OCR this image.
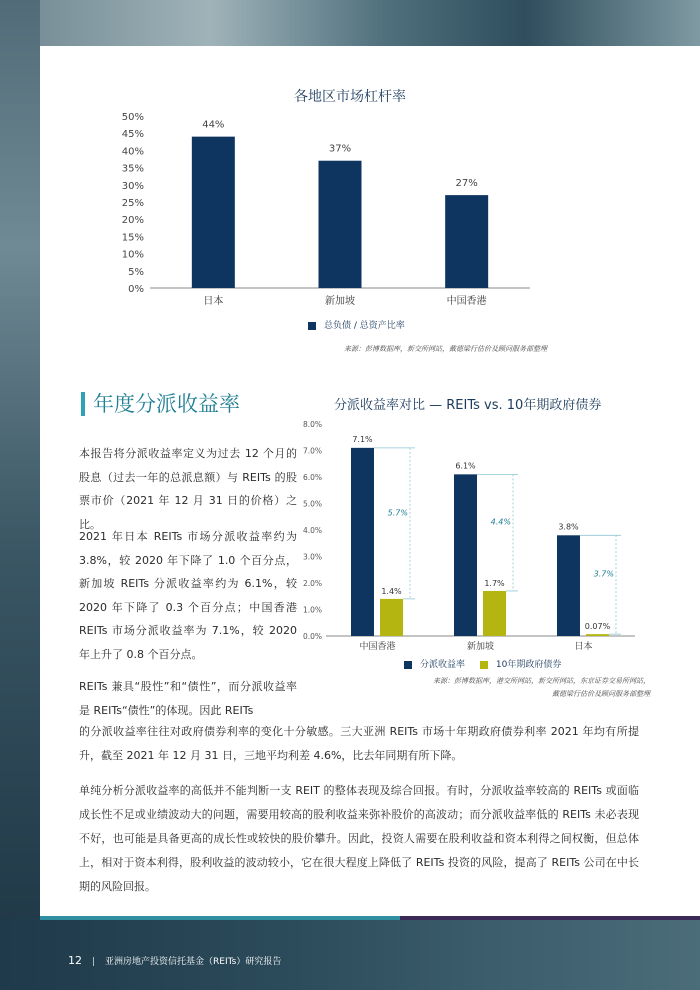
各地区市场杠杆率
0%
5%
10%
15%
20%
25%
30%
35%
40%
45%
50%
44%
日本
37%
新加坡
27%
中国香港
总负债 / 总资产比率
来源：彭博数据库，新交所网站，戴德梁行估价及顾问服务部整理
年度分派收益率
本报告将分派收益率定义为过去 12 个月的股息（过去一年的总派息额）与 REITs 的股票市价（2021 年 12 月 31 日的价格）之比。
2021 年日本 REITs 市场分派收益率约为 3.8%，较 2020 年下降了 1.0 个百分点，新加坡 REITs 分派收益率约为 6.1%，较 2020 年下降了 0.3 个百分点；中国香港 REITs 市场分派收益率为 7.1%，较 2020 年上升了 0.8 个百分点。
REITs 兼具“股性”和“债性”，而分派收益率是 REITs“债性”的体现。因此 REITs
的分派收益率往往对政府债券利率的变化十分敏感。三大亚洲 REITs 市场十年期政府债券利率 2021 年均有所提升，截至 2021 年 12 月 31 日，三地平均利差 4.6%，比去年同期有所下降。
单纯分析分派收益率的高低并不能判断一支 REIT 的整体表现及综合回报。有时，分派收益率较高的 REITs 或面临成长性不足或业绩波动大的问题，需要用较高的股利收益来弥补股价的高波动；而分派收益率低的 REITs 未必表现不好，也可能是具备更高的成长性或较快的股价攀升。因此，投资人需要在股利收益和资本利得之间权衡，但总体上，相对于资本利得，股利收益的波动较小，它在很大程度上降低了 REITs 投资的风险，提高了 REITs 公司在中长期的风险回报。
分派收益率对比 — REITs vs. 10年期政府债券
0.0%
1.0%
2.0%
3.0%
4.0%
5.0%
6.0%
7.0%
8.0%
7.1%
1.4%
5.7%
中国香港
6.1%
1.7%
4.4%
新加坡
3.8%
0.07%
3.7%
日本
分派收益率	10年期政府债券
来源：彭博数据库，港交所网站，新交所网站，东京证券交易所网站，
戴德梁行估价及顾问服务部整理
12 | 亚洲房地产投资信托基金（REITs）研究报告
